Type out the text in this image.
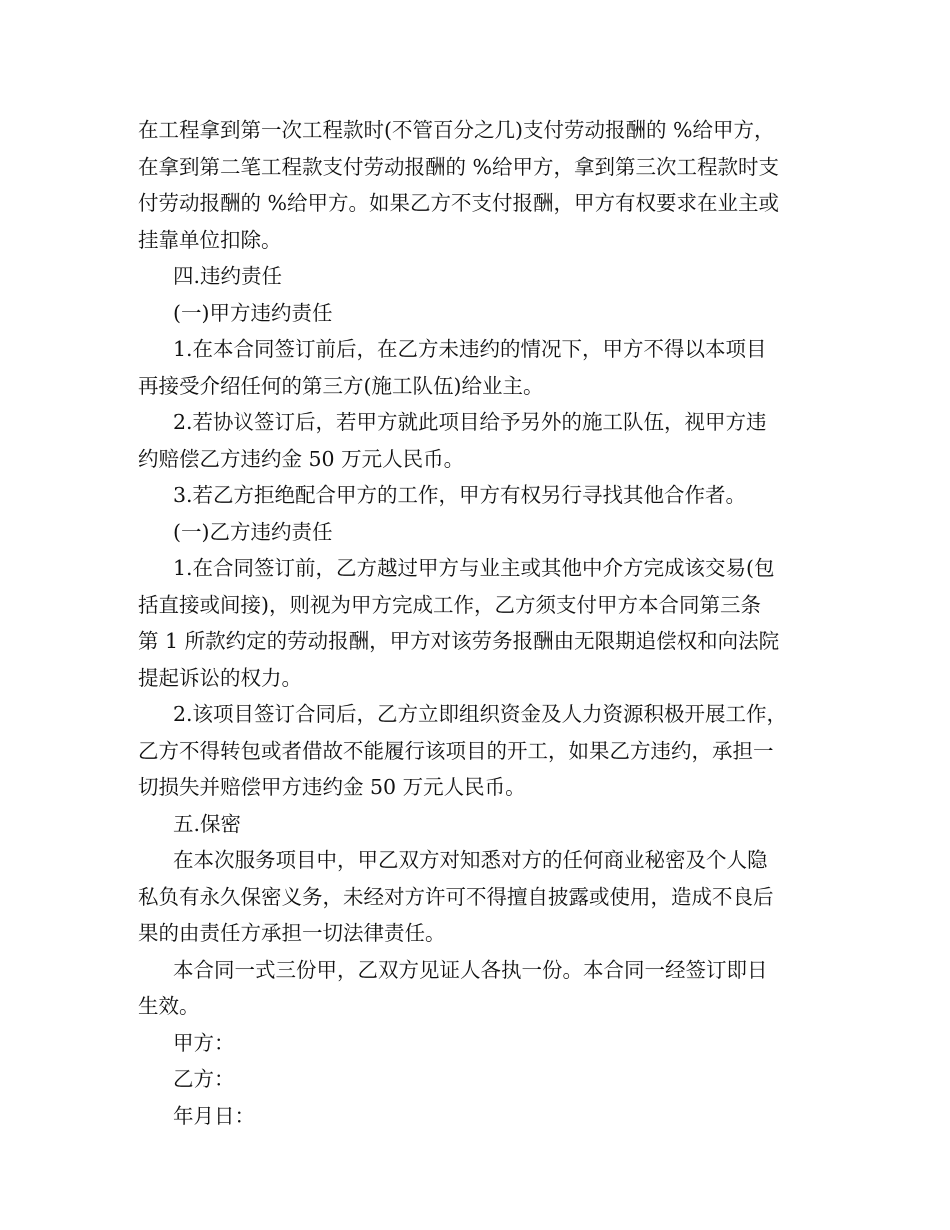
在工程拿到第一次工程款时(不管百分之几)支付劳动报酬的 %给甲方，
在拿到第二笔工程款支付劳动报酬的 %给甲方，拿到第三次工程款时支
付劳动报酬的 %给甲方。如果乙方不支付报酬，甲方有权要求在业主或
挂靠单位扣除。
四.违约责任
(一)甲方违约责任
1.在本合同签订前后，在乙方未违约的情况下，甲方不得以本项目
再接受介绍任何的第三方(施工队伍)给业主。
2.若协议签订后，若甲方就此项目给予另外的施工队伍，视甲方违
约赔偿乙方违约金 50 万元人民币。
3.若乙方拒绝配合甲方的工作，甲方有权另行寻找其他合作者。
(一)乙方违约责任
1.在合同签订前，乙方越过甲方与业主或其他中介方完成该交易(包
括直接或间接)，则视为甲方完成工作，乙方须支付甲方本合同第三条
第 1 所款约定的劳动报酬，甲方对该劳务报酬由无限期追偿权和向法院
提起诉讼的权力。
2.该项目签订合同后，乙方立即组织资金及人力资源积极开展工作，
乙方不得转包或者借故不能履行该项目的开工，如果乙方违约，承担一
切损失并赔偿甲方违约金 50 万元人民币。
五.保密
在本次服务项目中，甲乙双方对知悉对方的任何商业秘密及个人隐
私负有永久保密义务，未经对方许可不得擅自披露或使用，造成不良后
果的由责任方承担一切法律责任。
本合同一式三份甲，乙双方见证人各执一份。本合同一经签订即日
生效。
甲方：
乙方：
年月日：
